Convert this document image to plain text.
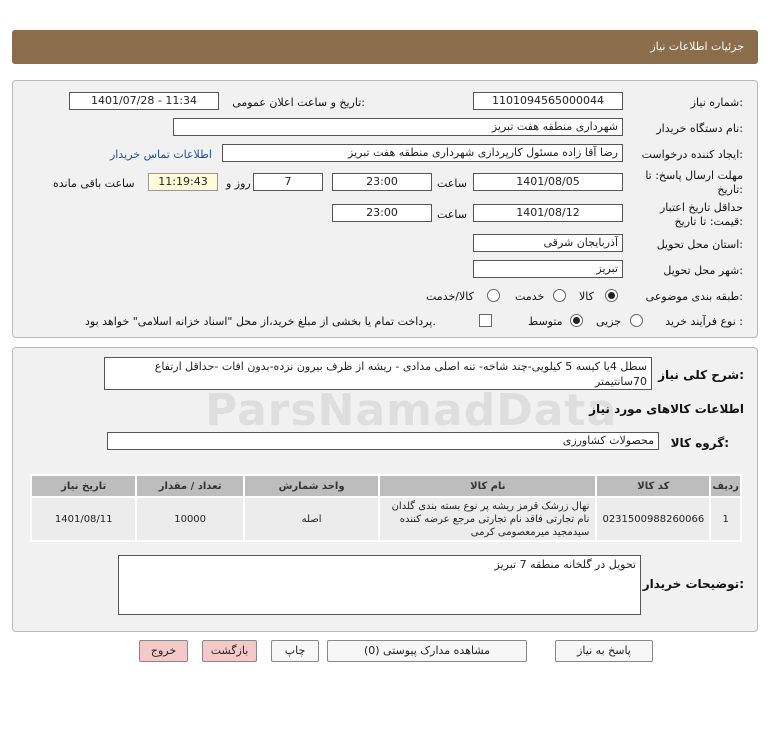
جزئیات اطلاعات نیاز
شماره نیاز:
1101094565000044
تاریخ و ساعت اعلان عمومی:
1401/07/28 - 11:34
نام دستگاه خریدار:
شهرداری منطقه هفت تبریز
ایجاد کننده درخواست:
رضا آقا زاده مسئول کارپردازی شهرداری منطقه هفت تبریز
اطلاعات تماس خریدار
مهلت ارسال پاسخ: تا
تاریخ:
1401/08/05
ساعت
23:00
7
روز و
11:19:43
ساعت باقی مانده
حداقل تاریخ اعتبار
قیمت: تا تاریخ:
1401/08/12
ساعت
23:00
استان محل تحویل:
آذربایجان شرقی
شهر محل تحویل:
تبریز
طبقه بندی موضوعی:
کالا
خدمت
کالا/خدمت
نوع فرآیند خرید :
جزیی
متوسط
پرداخت تمام یا بخشی از مبلغ خرید،از محل "اسناد خزانه اسلامی" خواهد بود.
شرح کلی نیاز:
سطل 4یا کیسه 5 کیلویی-چند شاخه- تنه اصلی مدادی - ریشه از ظرف بیرون نزده-بدون افات -حداقل ارتفاع 70سانتیمتر
اطلاعات کالاهای مورد نیاز
گروه کالا:
محصولات کشاورزی
ردیف	کد کالا	نام کالا	واحد شمارش	تعداد / مقدار	تاریخ نیاز
1	0231500988260066	نهال زرشک قرمز ریشه پر نوع بسته بندی گلدان نام تجارتی فاقد نام تجارتی مرجع عرضه کننده سیدمجید میرمعصومی کرمی	اصله	10000	1401/08/11
توضیحات خریدار:
تحویل در گلخانه منطقه 7 تبریز
پاسخ به نیاز
مشاهده مدارک پیوستی (0)
چاپ
بازگشت
خروج
